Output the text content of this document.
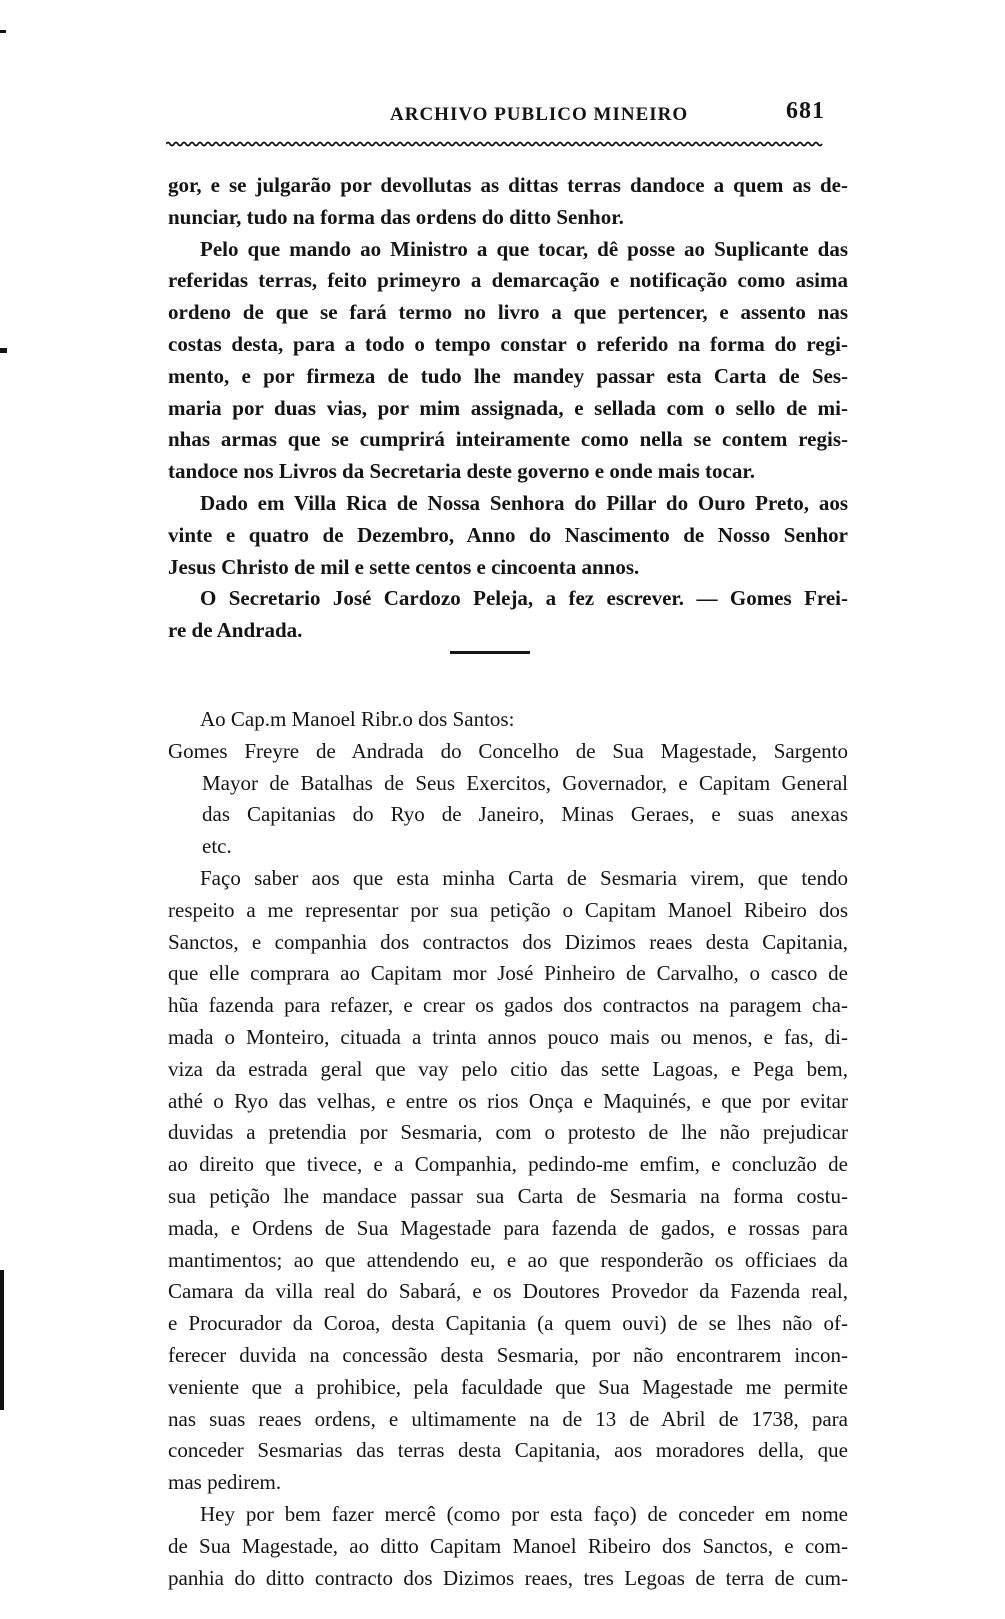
ARCHIVO PUBLICO MINEIRO	681
gor, e se julgarão por devollutas as dittas terras dandoce a quem as de-
nunciar, tudo na forma das ordens do ditto Senhor.
Pelo que mando ao Ministro a que tocar, dê posse ao Suplicante das
referidas terras, feito primeyro a demarcação e notificação como asima
ordeno de que se fará termo no livro a que pertencer, e assento nas
costas desta, para a todo o tempo constar o referido na forma do regi-
mento, e por firmeza de tudo lhe mandey passar esta Carta de Ses-
maria por duas vias, por mim assignada, e sellada com o sello de mi-
nhas armas que se cumprirá inteiramente como nella se contem regis-
tandoce nos Livros da Secretaria deste governo e onde mais tocar.
Dado em Villa Rica de Nossa Senhora do Pillar do Ouro Preto, aos
vinte e quatro de Dezembro, Anno do Nascimento de Nosso Senhor
Jesus Christo de mil e sette centos e cincoenta annos.
O Secretario José Cardozo Peleja, a fez escrever. — Gomes Frei-
re de Andrada.
Ao Cap.m Manoel Ribr.o dos Santos:
Gomes Freyre de Andrada do Concelho de Sua Magestade, Sargento
Mayor de Batalhas de Seus Exercitos, Governador, e Capitam General
das Capitanias do Ryo de Janeiro, Minas Geraes, e suas anexas
etc.
Faço saber aos que esta minha Carta de Sesmaria virem, que tendo
respeito a me representar por sua petição o Capitam Manoel Ribeiro dos
Sanctos, e companhia dos contractos dos Dizimos reaes desta Capitania,
que elle comprara ao Capitam mor José Pinheiro de Carvalho, o casco de
hũa fazenda para refazer, e crear os gados dos contractos na paragem cha-
mada o Monteiro, cituada a trinta annos pouco mais ou menos, e fas, di-
viza da estrada geral que vay pelo citio das sette Lagoas, e Pega bem,
athé o Ryo das velhas, e entre os rios Onça e Maquinés, e que por evitar
duvidas a pretendia por Sesmaria, com o protesto de lhe não prejudicar
ao direito que tivece, e a Companhia, pedindo-me emfim, e concluzão de
sua petição lhe mandace passar sua Carta de Sesmaria na forma costu-
mada, e Ordens de Sua Magestade para fazenda de gados, e rossas para
mantimentos; ao que attendendo eu, e ao que responderão os officiaes da
Camara da villa real do Sabará, e os Doutores Provedor da Fazenda real,
e Procurador da Coroa, desta Capitania (a quem ouvi) de se lhes não of-
ferecer duvida na concessão desta Sesmaria, por não encontrarem incon-
veniente que a prohibice, pela faculdade que Sua Magestade me permite
nas suas reaes ordens, e ultimamente na de 13 de Abril de 1738, para
conceder Sesmarias das terras desta Capitania, aos moradores della, que
mas pedirem.
Hey por bem fazer mercê (como por esta faço) de conceder em nome
de Sua Magestade, ao ditto Capitam Manoel Ribeiro dos Sanctos, e com-
panhia do ditto contracto dos Dizimos reaes, tres Legoas de terra de cum-
